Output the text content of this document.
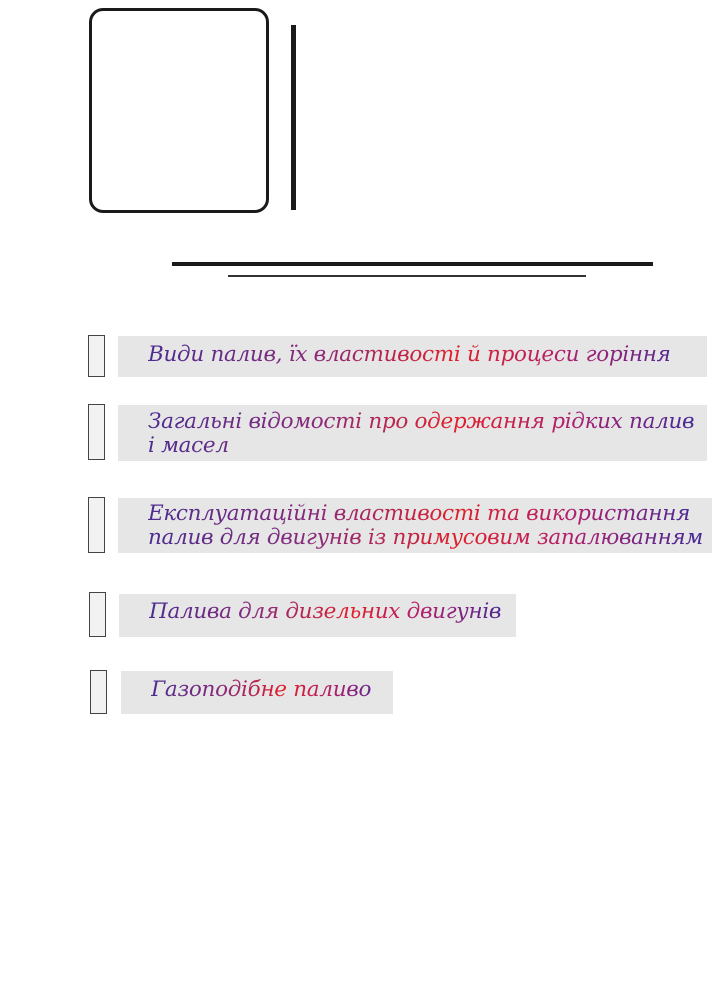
Види палив, їх властивості й процеси горіння
Загальні відомості про одержання рідких палив
і масел
Експлуатаційні властивості та використання
палив для двигунів із примусовим запалюванням
Палива для дизельних двигунів
Газоподібне паливо
